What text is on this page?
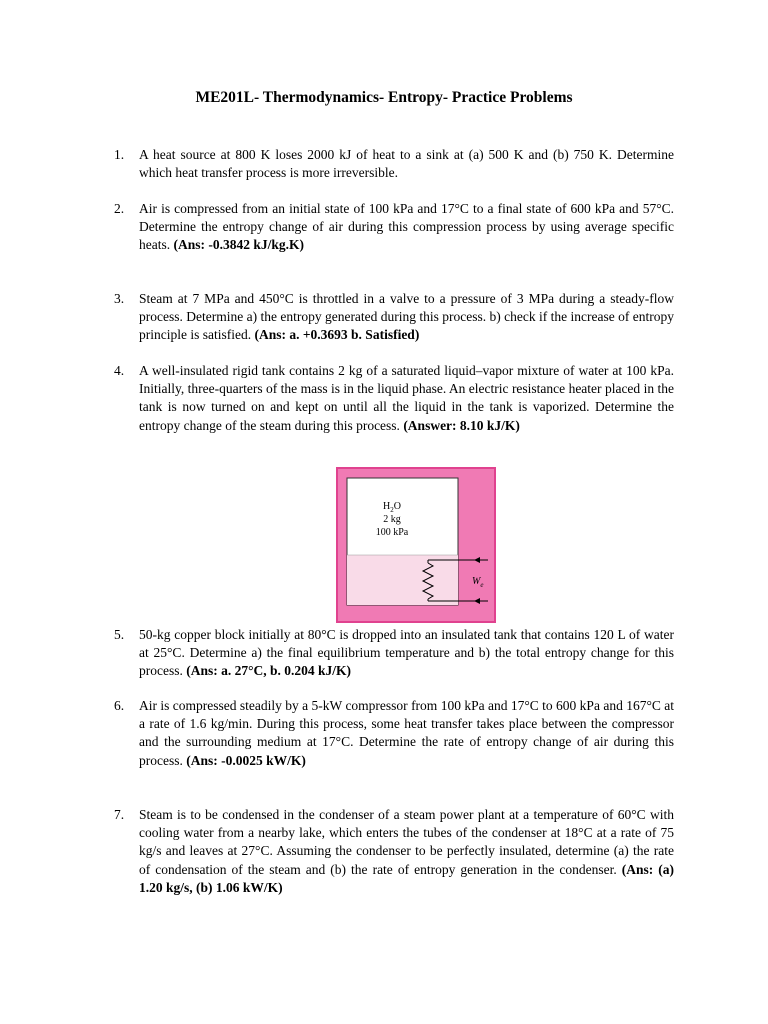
ME201L- Thermodynamics- Entropy- Practice Problems
1. A heat source at 800 K loses 2000 kJ of heat to a sink at (a) 500 K and (b) 750 K. Determine which heat transfer process is more irreversible.
2. Air is compressed from an initial state of 100 kPa and 17°C to a final state of 600 kPa and 57°C. Determine the entropy change of air during this compression process by using average specific heats. (Ans: -0.3842 kJ/kg.K)
3. Steam at 7 MPa and 450°C is throttled in a valve to a pressure of 3 MPa during a steady-flow process. Determine a) the entropy generated during this process. b) check if the increase of entropy principle is satisfied. (Ans: a. +0.3693 b. Satisfied)
4. A well-insulated rigid tank contains 2 kg of a saturated liquid–vapor mixture of water at 100 kPa. Initially, three-quarters of the mass is in the liquid phase. An electric resistance heater placed in the tank is now turned on and kept on until all the liquid in the tank is vaporized. Determine the entropy change of the steam during this process. (Answer: 8.10 kJ/K)
$H_2O$
2 kg
100 kPa
$W_e$
5. 50-kg copper block initially at 80°C is dropped into an insulated tank that contains 120 L of water at 25°C. Determine a) the final equilibrium temperature and b) the total entropy change for this process. (Ans: a. 27°C, b. 0.204 kJ/K)
6. Air is compressed steadily by a 5-kW compressor from 100 kPa and 17°C to 600 kPa and 167°C at a rate of 1.6 kg/min. During this process, some heat transfer takes place between the compressor and the surrounding medium at 17°C. Determine the rate of entropy change of air during this process. (Ans: -0.0025 kW/K)
7. Steam is to be condensed in the condenser of a steam power plant at a temperature of 60°C with cooling water from a nearby lake, which enters the tubes of the condenser at 18°C at a rate of 75 kg/s and leaves at 27°C. Assuming the condenser to be perfectly insulated, determine (a) the rate of condensation of the steam and (b) the rate of entropy generation in the condenser. (Ans: (a) 1.20 kg/s, (b) 1.06 kW/K)
